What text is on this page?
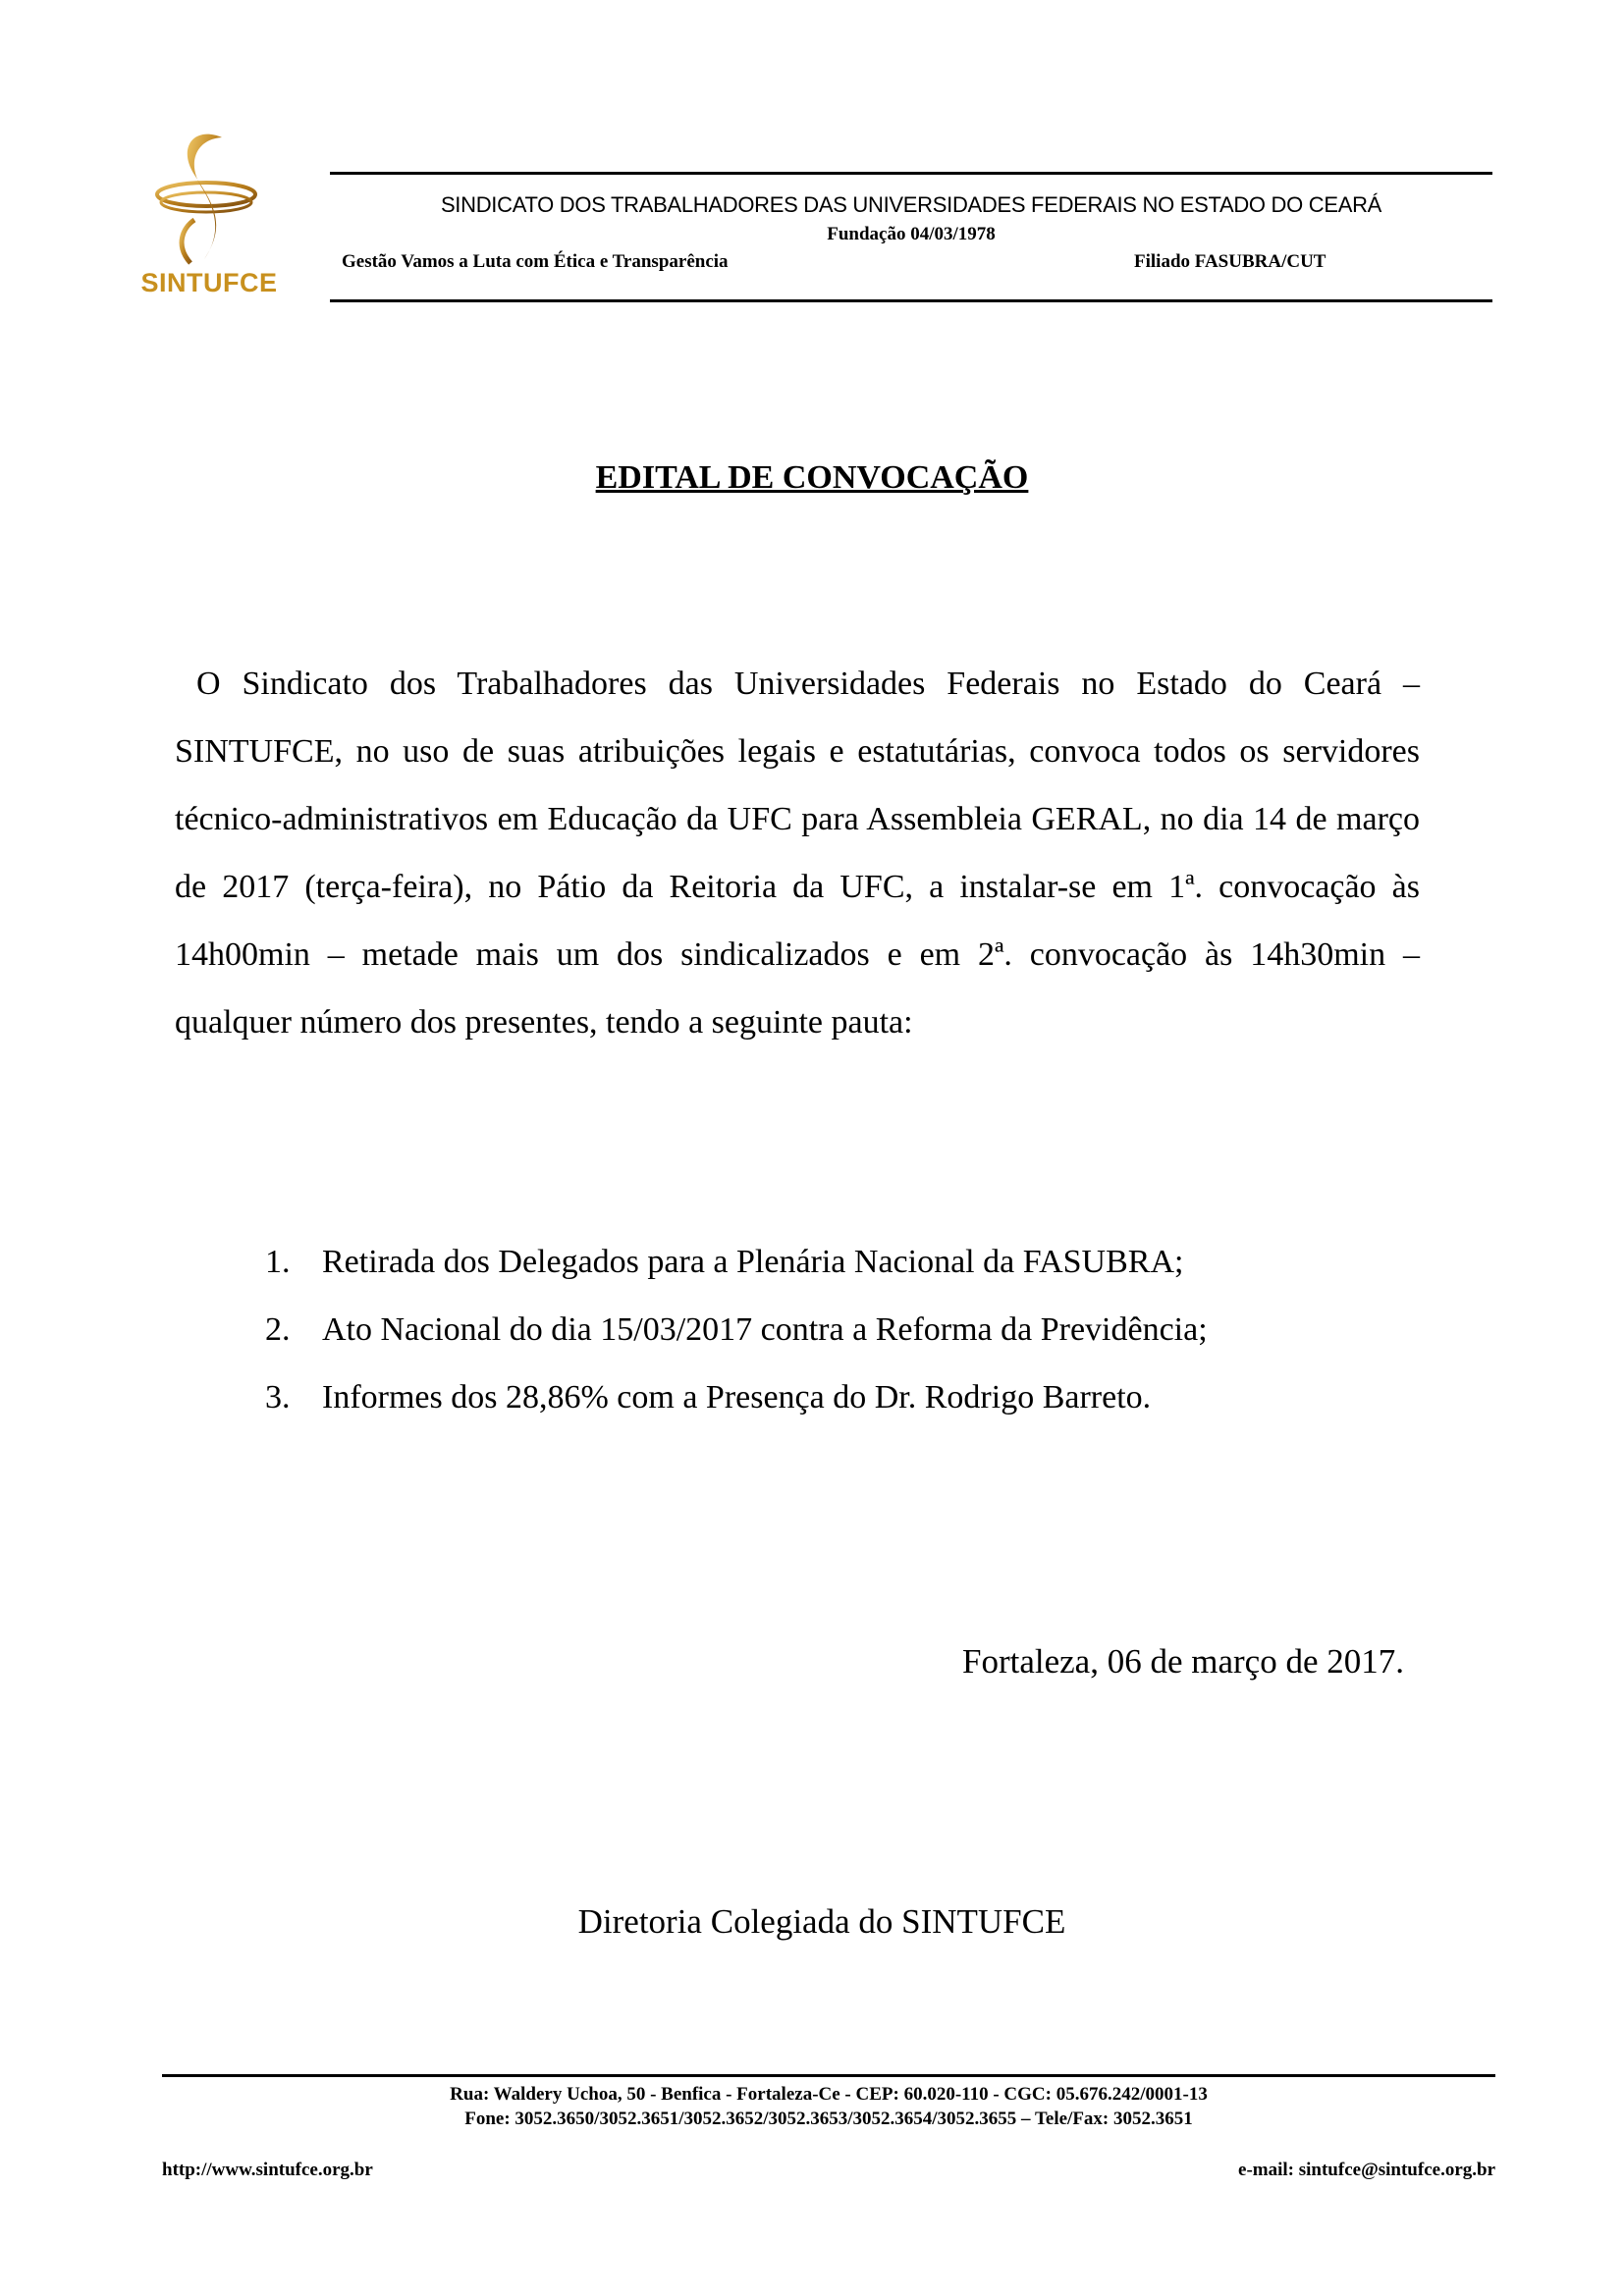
SINTUFCE
SINDICATO DOS TRABALHADORES DAS UNIVERSIDADES FEDERAIS NO ESTADO DO CEARÁ
Fundação 04/03/1978
Gestão Vamos a Luta com Ética e Transparência	Filiado FASUBRA/CUT
EDITAL DE CONVOCAÇÃO

O Sindicato dos Trabalhadores das Universidades Federais no Estado do Ceará – SINTUFCE, no uso de suas atribuições legais e estatutárias, convoca todos os servidores técnico-administrativos em Educação da UFC para Assembleia GERAL, no dia 14 de março de 2017 (terça-feira), no Pátio da Reitoria da UFC, a instalar-se em 1ª. convocação às 14h00min – metade mais um dos sindicalizados e em 2ª. convocação às 14h30min – qualquer número dos presentes, tendo a seguinte pauta:

1. Retirada dos Delegados para a Plenária Nacional da FASUBRA;
2. Ato Nacional do dia 15/03/2017 contra a Reforma da Previdência;
3. Informes dos 28,86% com a Presença do Dr. Rodrigo Barreto.
Fortaleza, 06 de março de 2017.
Diretoria Colegiada do SINTUFCE
Rua: Waldery Uchoa, 50 - Benfica - Fortaleza-Ce - CEP: 60.020-110 - CGC: 05.676.242/0001-13
Fone: 3052.3650/3052.3651/3052.3652/3052.3653/3052.3654/3052.3655 – Tele/Fax: 3052.3651
http://www.sintufce.org.br	e-mail: sintufce@sintufce.org.br
